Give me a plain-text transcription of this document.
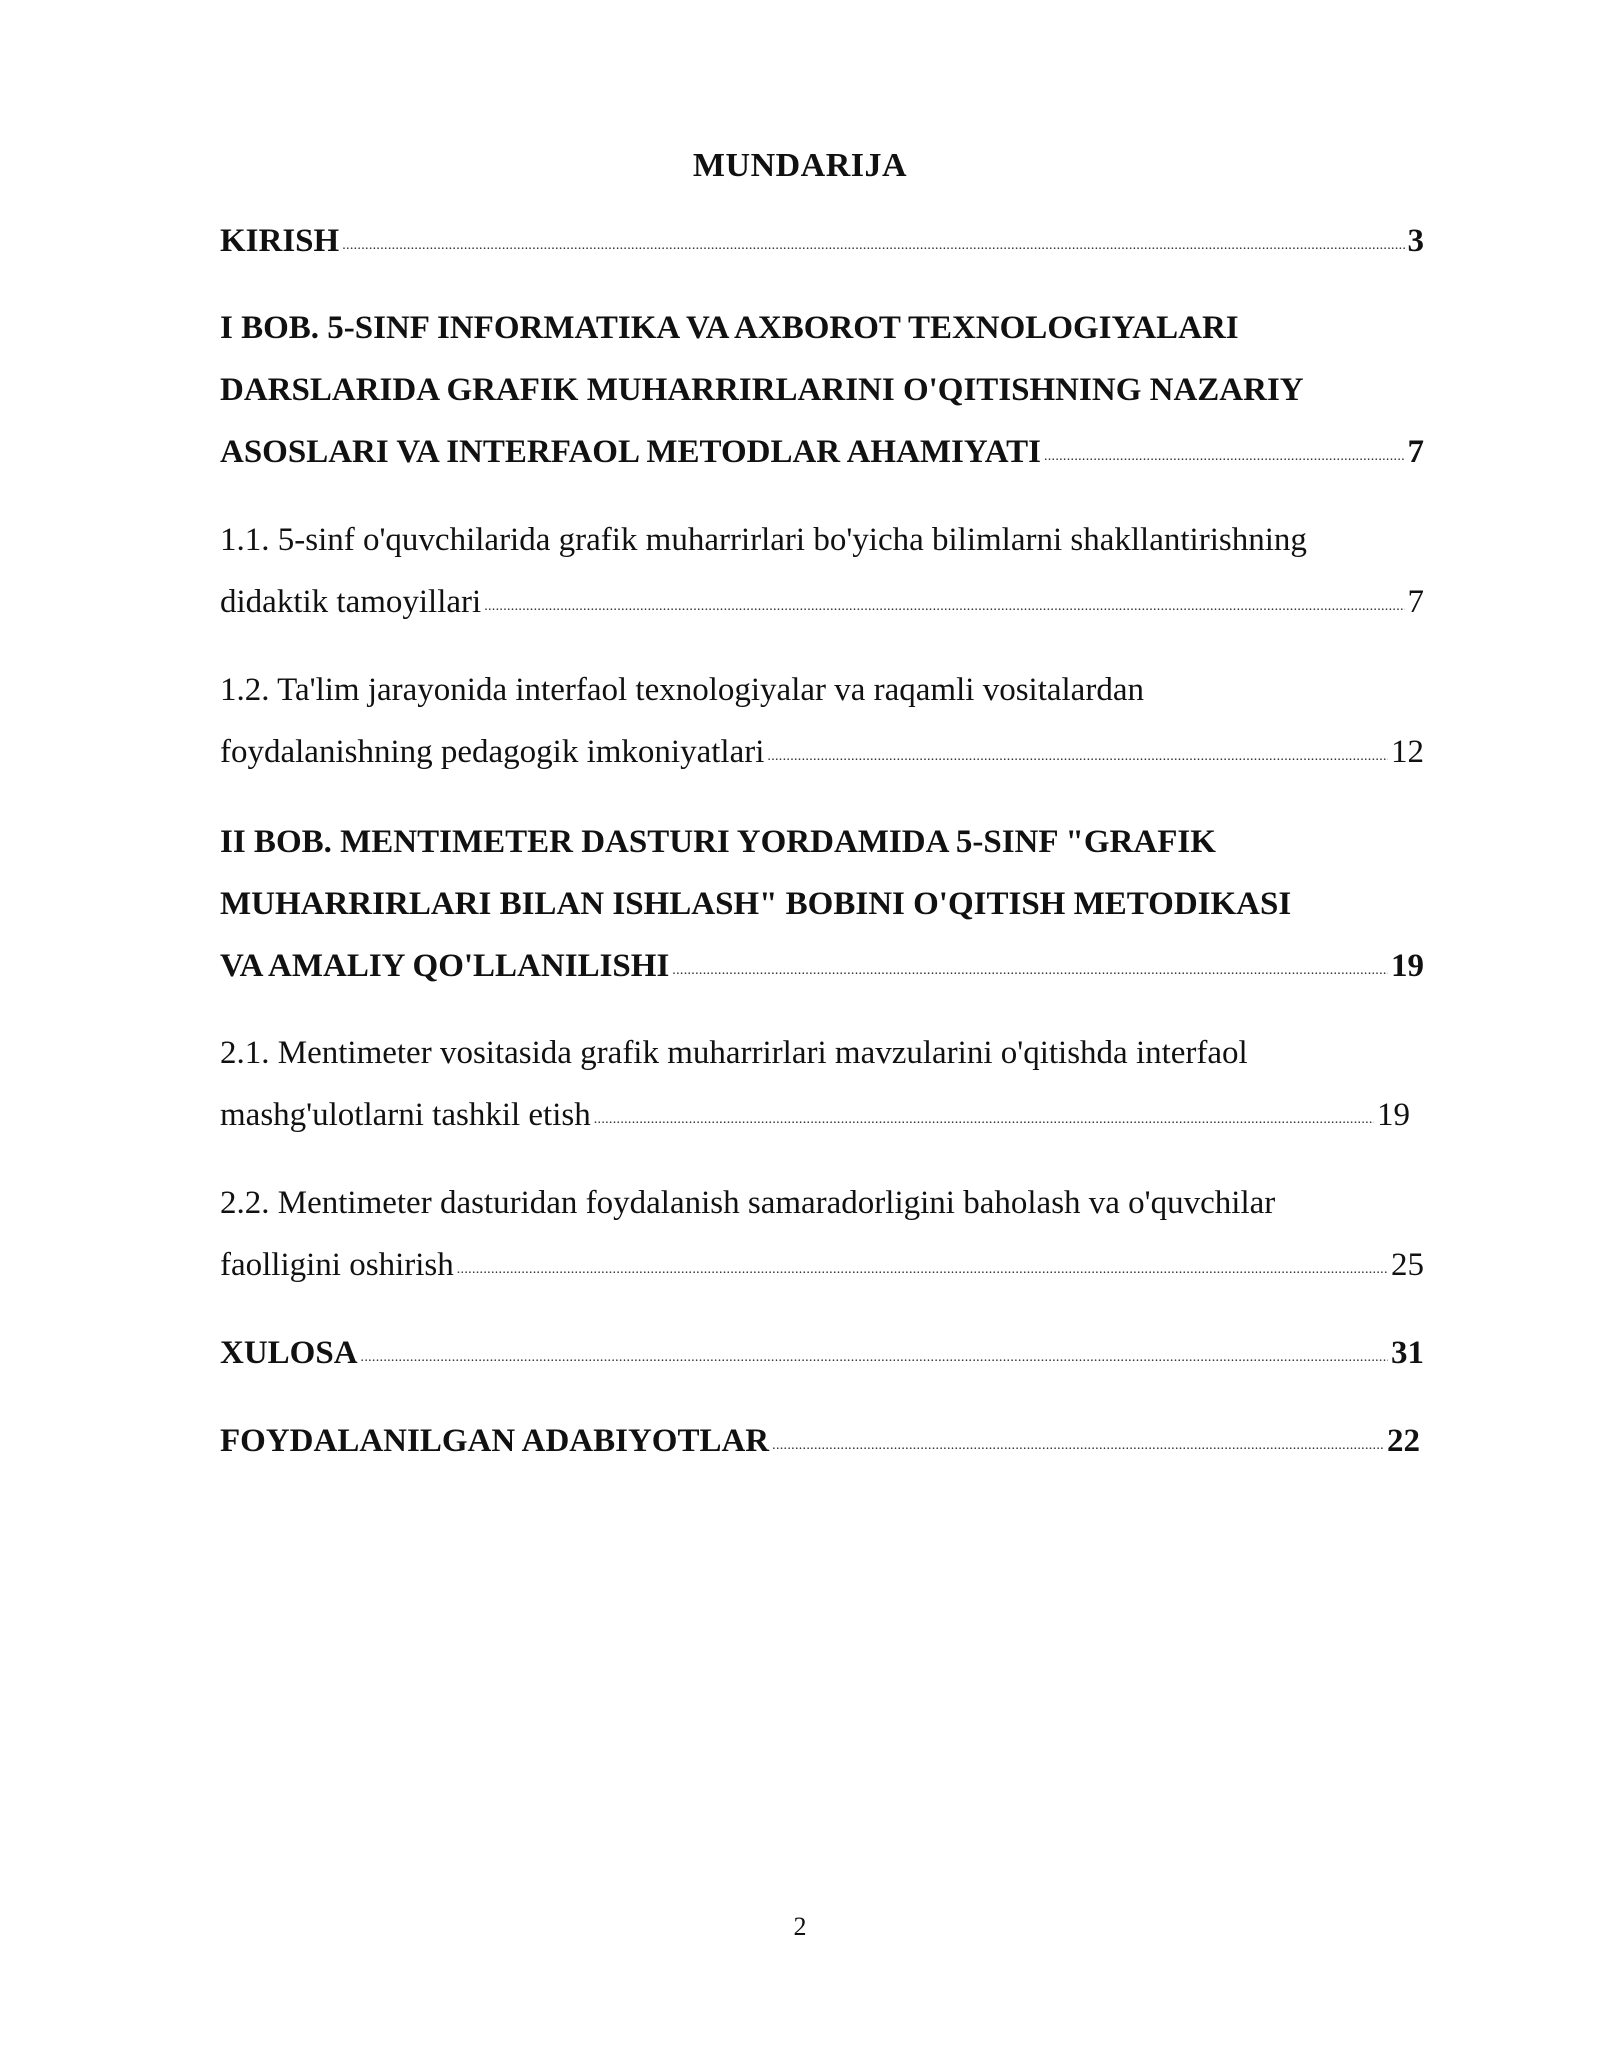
MUNDARIJA
KIRISH .....	3
I BOB. 5-SINF INFORMATIKA VA AXBOROT TEXNOLOGIYALARI
DARSLARIDA GRAFIK MUHARRIRLARINI O'QITISHNING NAZARIY
ASOSLARI VA INTERFAOL METODLAR AHAMIYATI .....	7
1.1. 5-sinf o'quvchilarida grafik muharrirlari bo'yicha bilimlarni shakllantirishning
didaktik tamoyillari .....	7
1.2. Ta'lim jarayonida interfaol texnologiyalar va raqamli vositalardan
foydalanishning pedagogik imkoniyatlari .....	12
II BOB. MENTIMETER DASTURI YORDAMIDA 5-SINF "GRAFIK
MUHARRIRLARI BILAN ISHLASH" BOBINI O'QITISH METODIKASI
VA AMALIY QO'LLANILISHI .....	19
2.1. Mentimeter vositasida grafik muharrirlari mavzularini o'qitishda interfaol
mashg'ulotlarni tashkil etish .....	19
2.2. Mentimeter dasturidan foydalanish samaradorligini baholash va o'quvchilar
faolligini oshirish .....	25
XULOSA .....	31
FOYDALANILGAN ADABIYOTLAR .....	22
2
